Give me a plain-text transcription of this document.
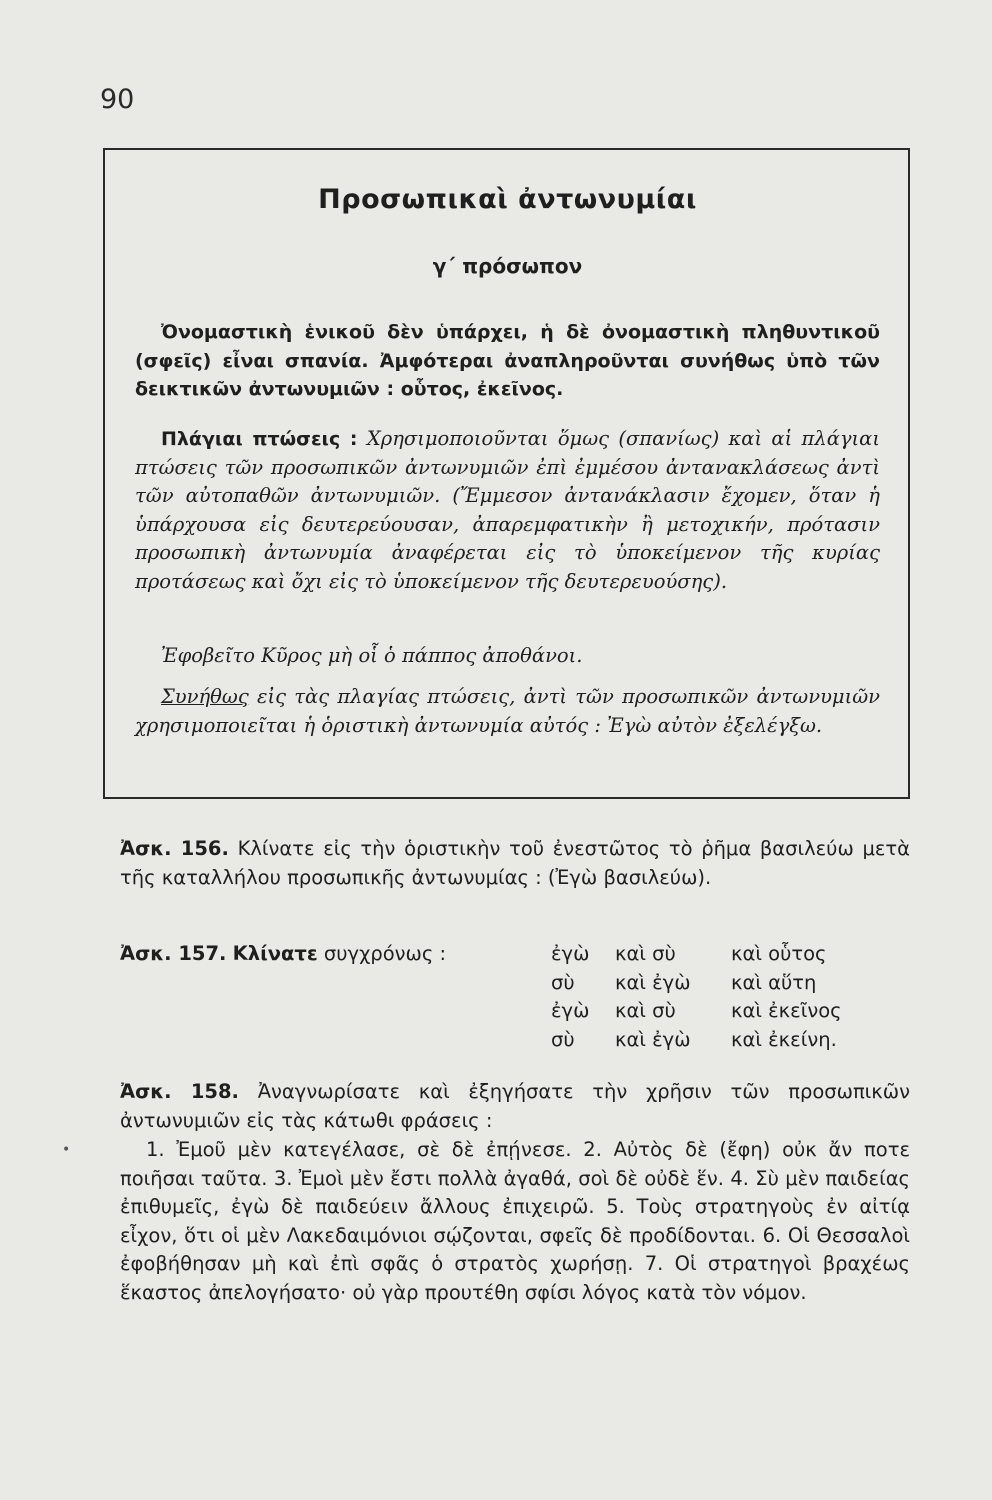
90
Προσωπικαὶ ἀντωνυμίαι
γ΄ πρόσωπον
Ὀνομαστικὴ ἑνικοῦ δὲν ὑπάρχει, ἡ δὲ ὀνομαστικὴ πληθυντικοῦ (σφεῖς) εἶναι σπανία. Ἀμφότεραι ἀναπληροῦνται συνήθως ὑπὸ τῶν δεικτικῶν ἀντωνυμιῶν : οὗτος, ἐκεῖνος.
Πλάγιαι πτώσεις : Χρησιμοποιοῦνται ὅμως (σπανίως) καὶ αἱ πλάγιαι πτώσεις τῶν προσωπικῶν ἀντωνυμιῶν ἐπὶ ἐμμέσου ἀντανακλάσεως ἀντὶ τῶν αὐτοπαθῶν ἀντωνυμιῶν. (Ἔμμεσον ἀντανάκλασιν ἔχομεν, ὅταν ἡ ὑπάρχουσα εἰς δευτερεύουσαν, ἀπαρεμφατικὴν ἢ μετοχικήν, πρότασιν προσωπικὴ ἀντωνυμία ἀναφέρεται εἰς τὸ ὑποκείμενον τῆς κυρίας προτάσεως καὶ ὄχι εἰς τὸ ὑποκείμενον τῆς δευτερευούσης).
Ἐφοβεῖτο Κῦρος μὴ οἷ ὁ πάππος ἀποθάνοι.
Συνήθως εἰς τὰς πλαγίας πτώσεις, ἀντὶ τῶν προσωπικῶν ἀντωνυμιῶν χρησιμοποιεῖται ἡ ὁριστικὴ ἀντωνυμία αὐτός : Ἐγὼ αὐτὸν ἐξελέγξω.
Ἀσκ. 156. Κλίνατε εἰς τὴν ὁριστικὴν τοῦ ἐνεστῶτος τὸ ῥῆμα βασιλεύω μετὰ τῆς καταλλήλου προσωπικῆς ἀντωνυμίας : (Ἐγὼ βασιλεύω).
Ἀσκ. 157. Κλίνατε συγχρόνως :	ἐγὼ	καὶ σὺ	καὶ οὗτος
σὺ	καὶ ἐγὼ	καὶ αὕτη
ἐγὼ	καὶ σὺ	καὶ ἐκεῖνος
σὺ	καὶ ἐγὼ	καὶ ἐκείνη.
Ἀσκ. 158. Ἀναγνωρίσατε καὶ ἐξηγήσατε τὴν χρῆσιν τῶν προσωπικῶν ἀντωνυμιῶν εἰς τὰς κάτωθι φράσεις :
•	1. Ἐμοῦ μὲν κατεγέλασε, σὲ δὲ ἐπῄνεσε. 2. Αὐτὸς δὲ (ἔφη) οὐκ ἄν ποτε ποιῆσαι ταῦτα. 3. Ἐμοὶ μὲν ἔστι πολλὰ ἀγαθά, σοὶ δὲ οὐδὲ ἕν. 4. Σὺ μὲν παιδείας ἐπιθυμεῖς, ἐγὼ δὲ παιδεύειν ἄλλους ἐπιχειρῶ. 5. Τοὺς στρατηγοὺς ἐν αἰτίᾳ εἶχον, ὅτι οἱ μὲν Λακεδαιμόνιοι σῴζονται, σφεῖς δὲ προδίδονται. 6. Οἱ Θεσσαλοὶ ἐφοβήθησαν μὴ καὶ ἐπὶ σφᾶς ὁ στρατὸς χωρήσῃ. 7. Οἱ στρατηγοὶ βραχέως ἕκαστος ἀπελογήσατο· οὐ γὰρ προυτέθη σφίσι λόγος κατὰ τὸν νόμον.
